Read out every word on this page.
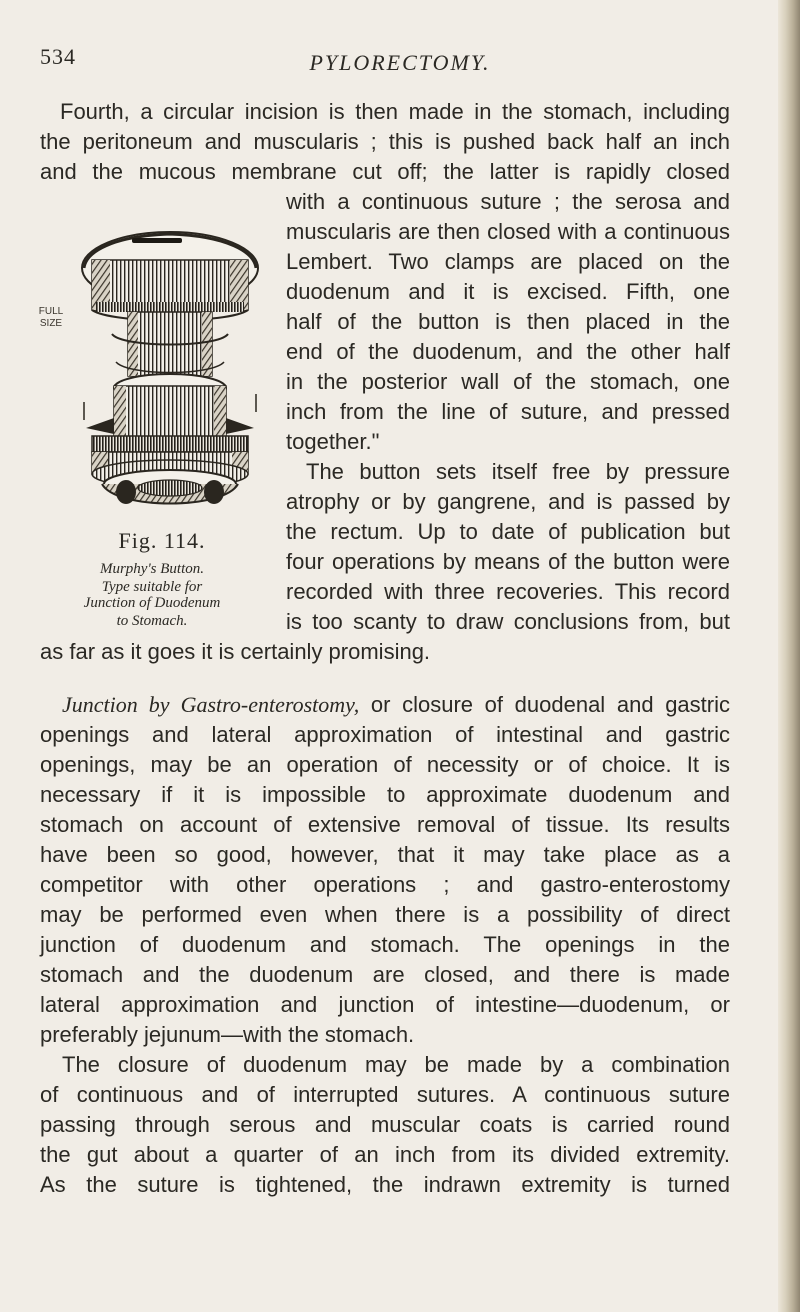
534	PYLORECTOMY.
Fourth, a circular incision is then made in the stomach, including
the peritoneum and muscularis ; this is pushed back half an inch
and the mucous membrane cut off; the latter is rapidly closed
with a continuous suture ; the serosa and
muscularis are then closed with a continuous
Lembert. Two clamps are placed on the
duodenum and it is excised. Fifth, one
half of the button is then placed in the
end of the duodenum, and the other half
in the posterior wall of the stomach, one
inch from the line of suture, and pressed
together."
The button sets itself free by pressure
atrophy or by gangrene, and is passed by
the rectum. Up to date of publication but
four operations by means of the button were
recorded with three recoveries. This record
is too scanty to draw conclusions from, but
as far as it goes it is certainly promising.
FULL
SIZE
Fig. 114.
Murphy's Button.
Type suitable for
Junction of Duodenum
to Stomach.
Junction by Gastro-enterostomy, or closure of duodenal and gastric
openings and lateral approximation of intestinal and gastric
openings, may be an operation of necessity or of choice. It is
necessary if it is impossible to approximate duodenum and
stomach on account of extensive removal of tissue. Its results
have been so good, however, that it may take place as a
competitor with other operations ; and gastro-enterostomy
may be performed even when there is a possibility of direct
junction of duodenum and stomach. The openings in the
stomach and the duodenum are closed, and there is made
lateral approximation and junction of intestine—duodenum, or
preferably jejunum—with the stomach.
The closure of duodenum may be made by a combination
of continuous and of interrupted sutures. A continuous suture
passing through serous and muscular coats is carried round
the gut about a quarter of an inch from its divided extremity.
As the suture is tightened, the indrawn extremity is turned
